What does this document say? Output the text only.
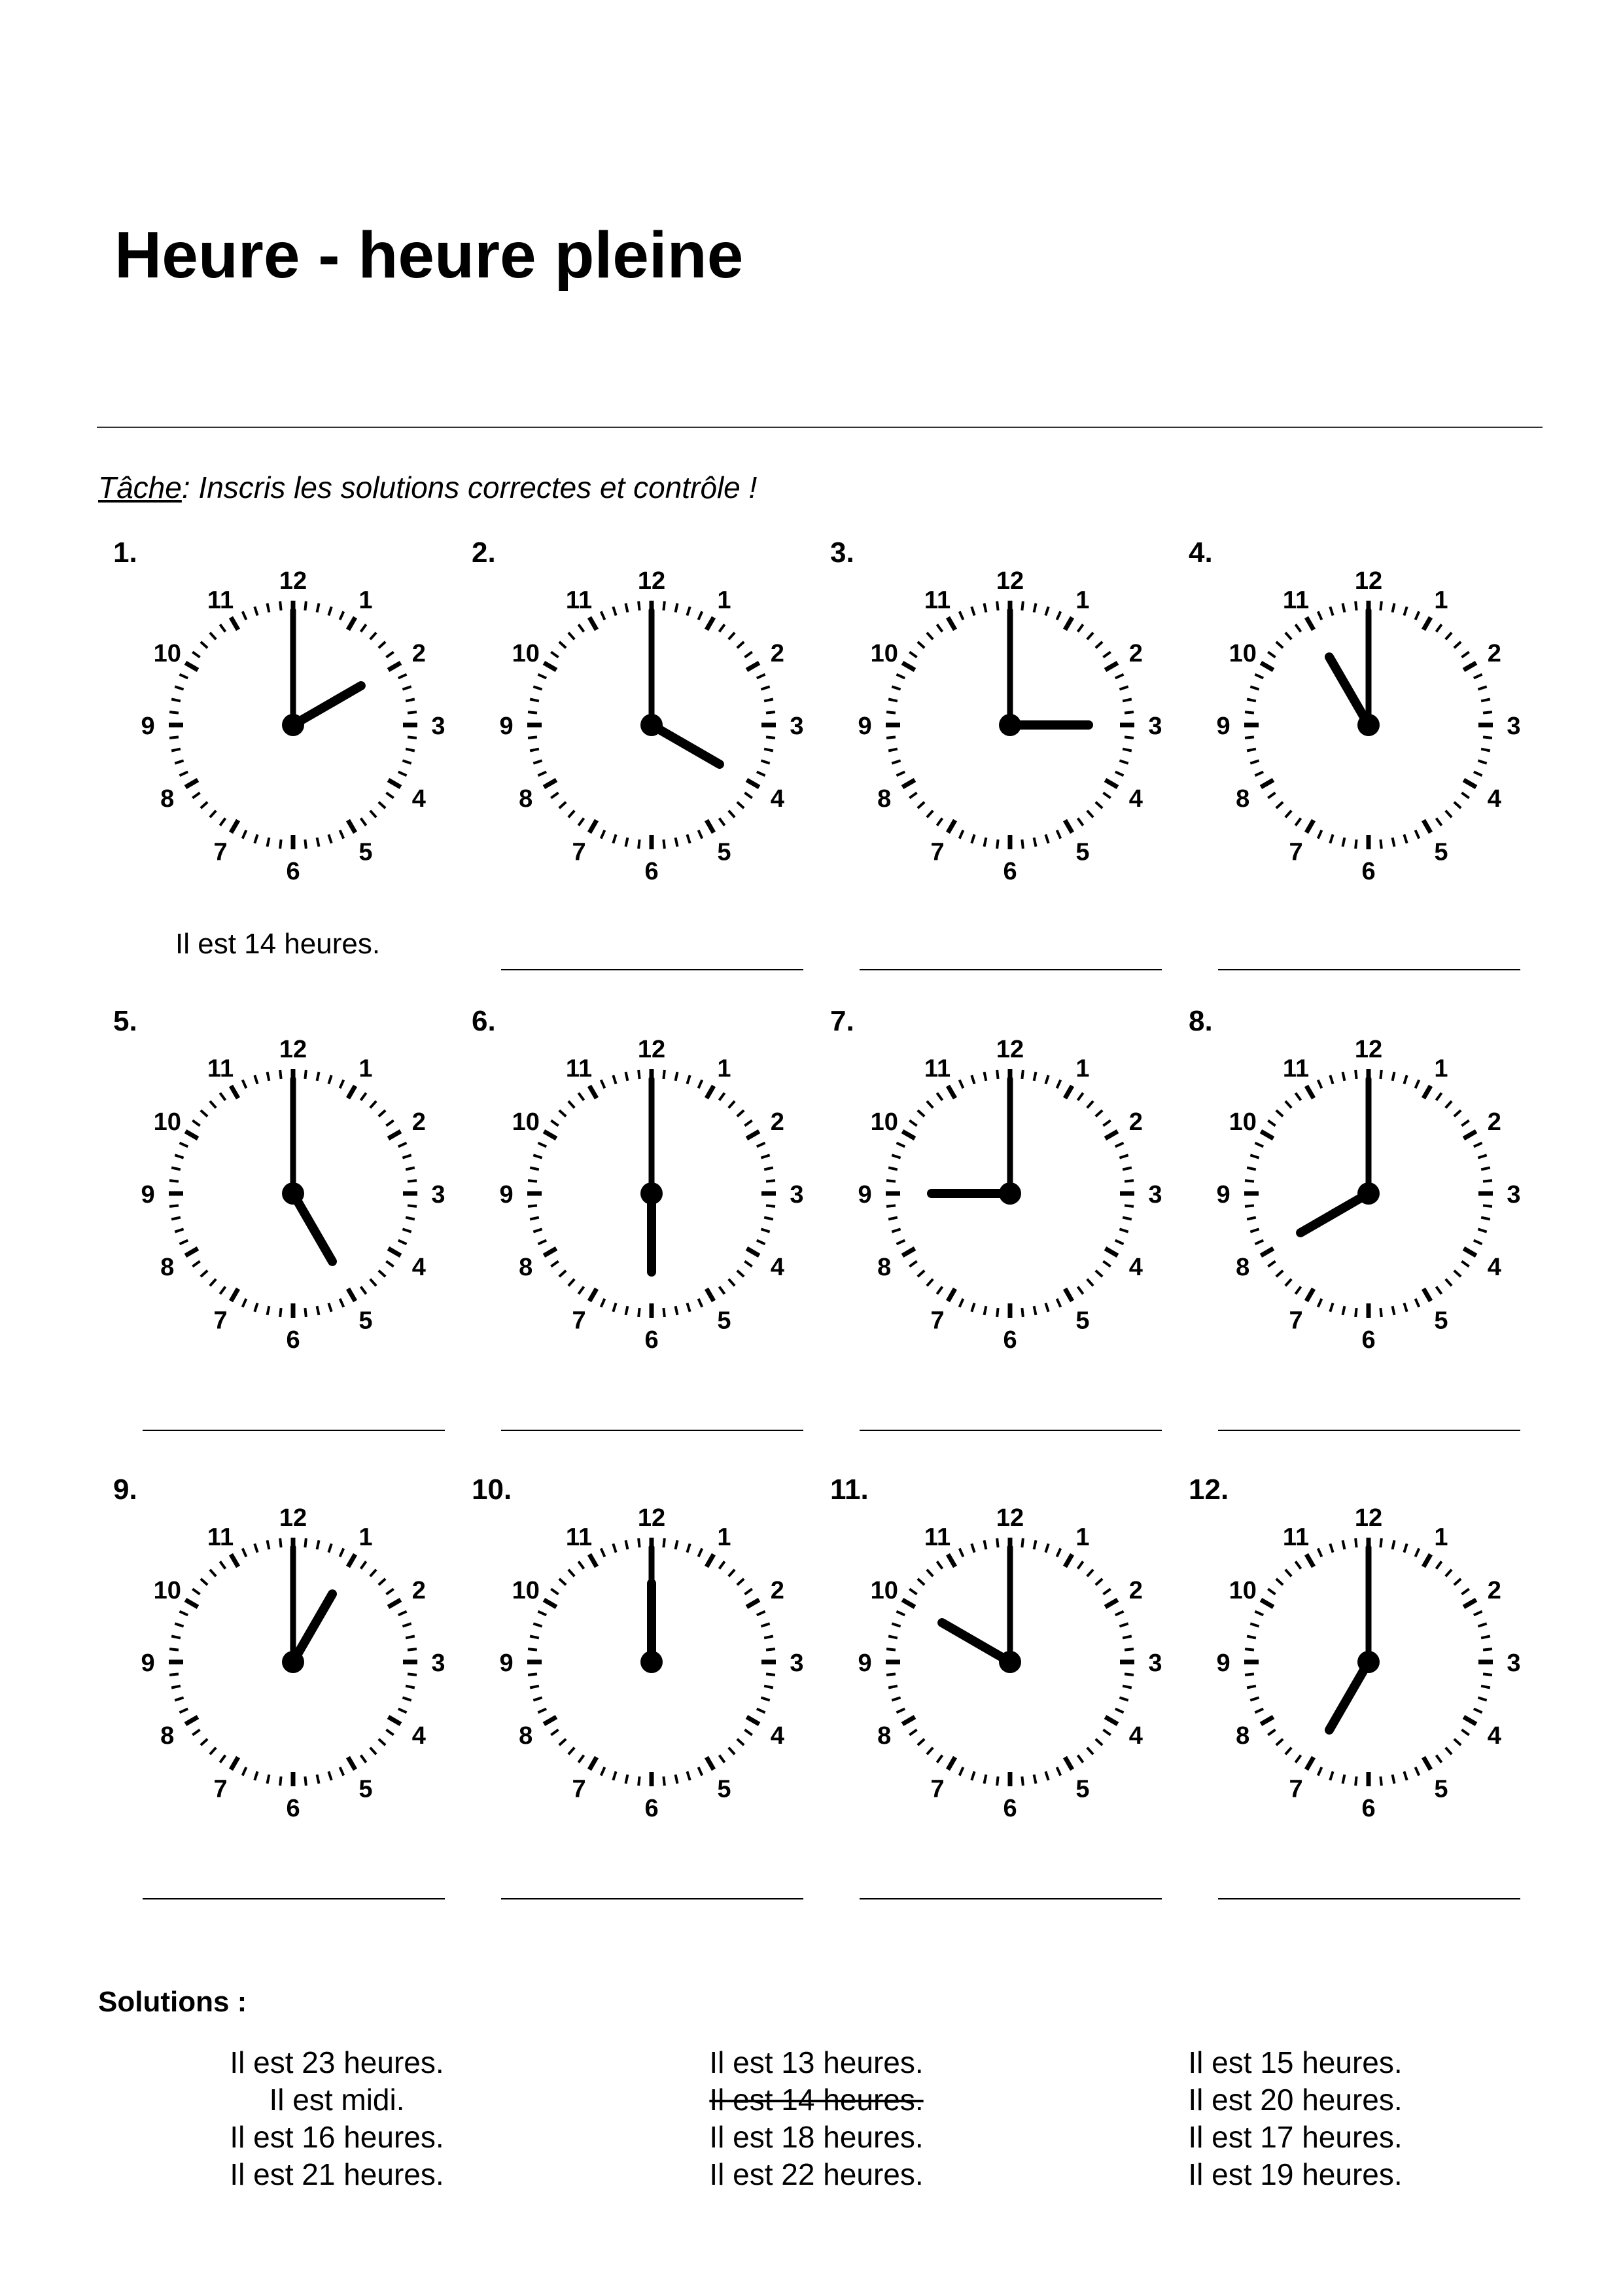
Heure - heure pleine
Tâche: Inscris les solutions correctes et contrôle !
1.
12
1
2
3
4
5
6
7
8
9
10
11
Il est 14 heures.
2.
12
1
2
3
4
5
6
7
8
9
10
11
3.
12
1
2
3
4
5
6
7
8
9
10
11
4.
12
1
2
3
4
5
6
7
8
9
10
11
5.
12
1
2
3
4
5
6
7
8
9
10
11
6.
12
1
2
3
4
5
6
7
8
9
10
11
7.
12
1
2
3
4
5
6
7
8
9
10
11
8.
12
1
2
3
4
5
6
7
8
9
10
11
9.
12
1
2
3
4
5
6
7
8
9
10
11
10.
12
1
2
3
4
5
6
7
8
9
10
11
11.
12
1
2
3
4
5
6
7
8
9
10
11
12.
12
1
2
3
4
5
6
7
8
9
10
11
Solutions :
Il est 23 heures.
Il est midi.
Il est 16 heures.
Il est 21 heures.
Il est 13 heures.
Il est 14 heures.
Il est 18 heures.
Il est 22 heures.
Il est 15 heures.
Il est 20 heures.
Il est 17 heures.
Il est 19 heures.
